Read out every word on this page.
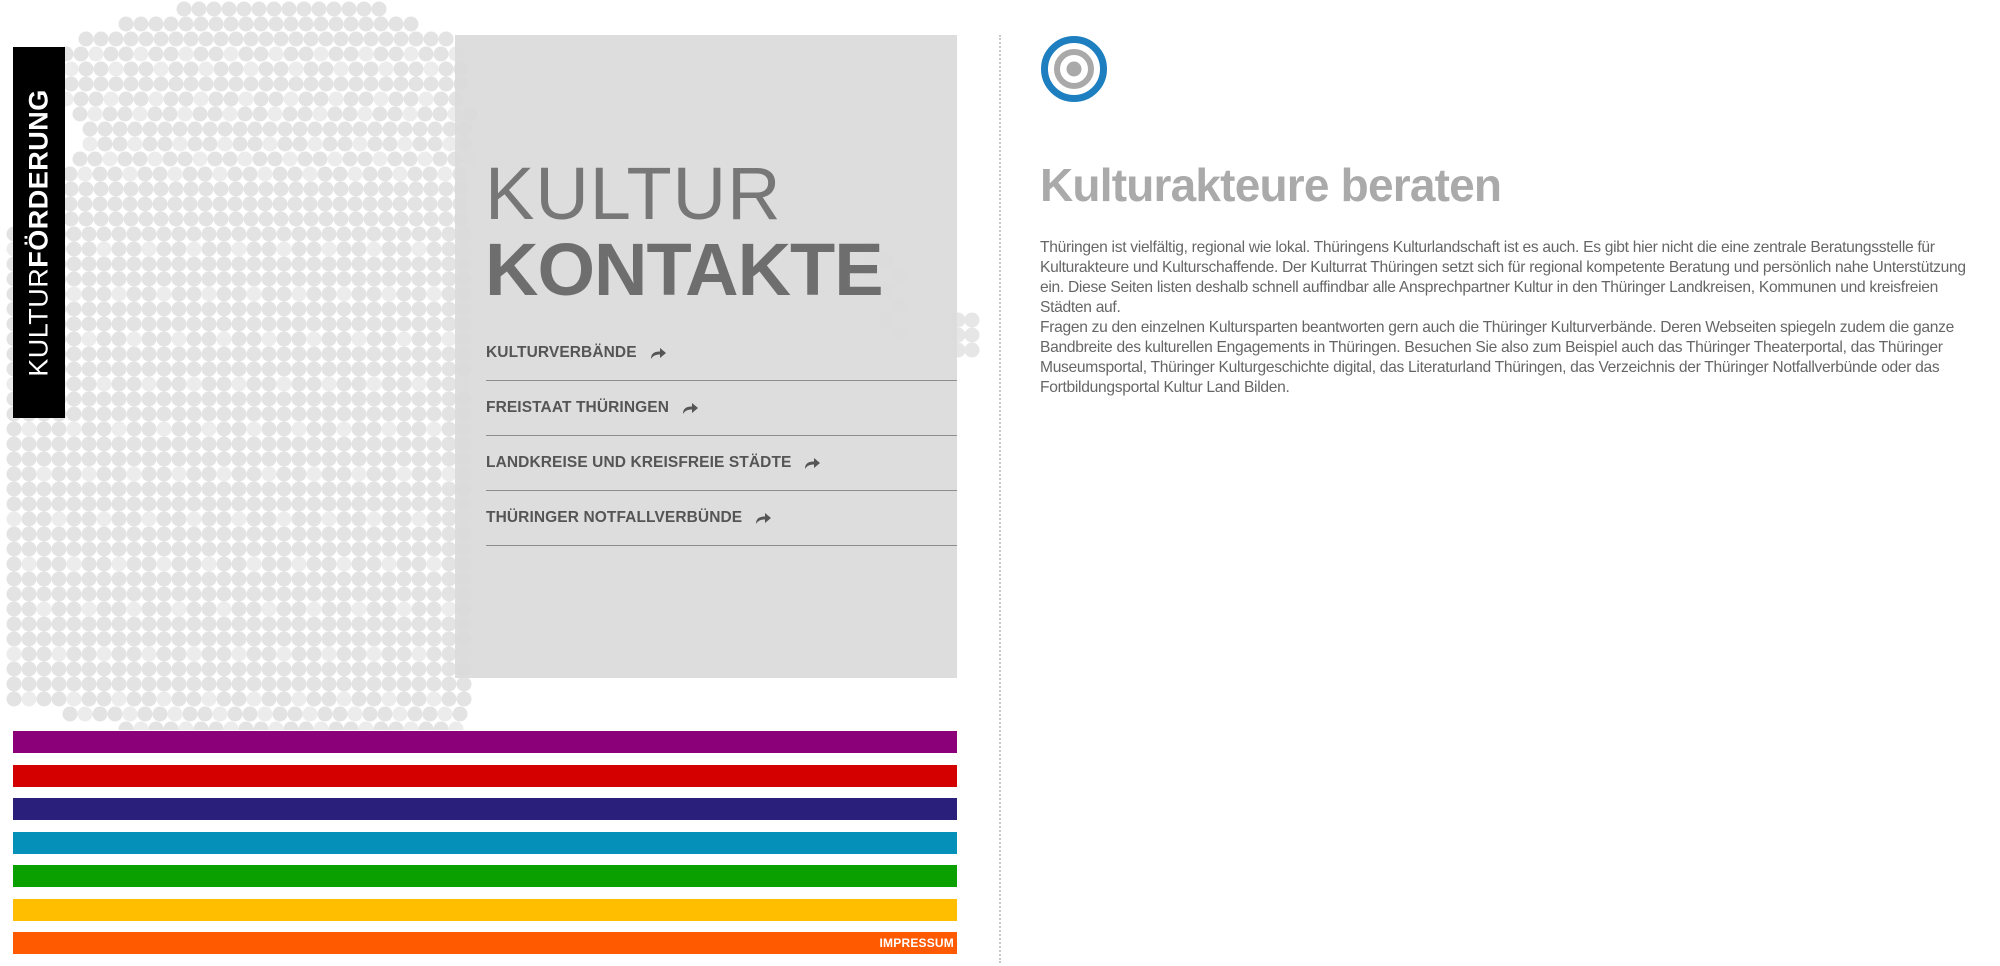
KULTURFÖRDERUNG	KULTUR
KONTAKTE
KULTURVERBÄNDE
FREISTAAT THÜRINGEN
LANDKREISE UND KREISFREIE STÄDTE
THÜRINGER NOTFALLVERBÜNDE
IMPRESSUM
Kulturakteure beraten

Thüringen ist vielfältig, regional wie lokal. Thüringens Kulturlandschaft ist es auch. Es gibt hier nicht die eine zentrale Beratungsstelle für Kulturakteure und Kulturschaffende. Der Kulturrat Thüringen setzt sich für regional kompetente Beratung und persönlich nahe Unterstützung ein. Diese Seiten listen deshalb schnell auffindbar alle Ansprechpartner Kultur in den Thüringer Landkreisen, Kommunen und kreisfreien Städten auf.

Fragen zu den einzelnen Kultursparten beantworten gern auch die Thüringer Kulturverbände. Deren Webseiten spiegeln zudem die ganze Bandbreite des kulturellen Engagements in Thüringen. Besuchen Sie also zum Beispiel auch das Thüringer Theaterportal, das Thüringer Museumsportal, Thüringer Kulturgeschichte digital, das Literaturland Thüringen, das Verzeichnis der Thüringer Notfallverbünde oder das Fortbildungsportal Kultur Land Bilden.
